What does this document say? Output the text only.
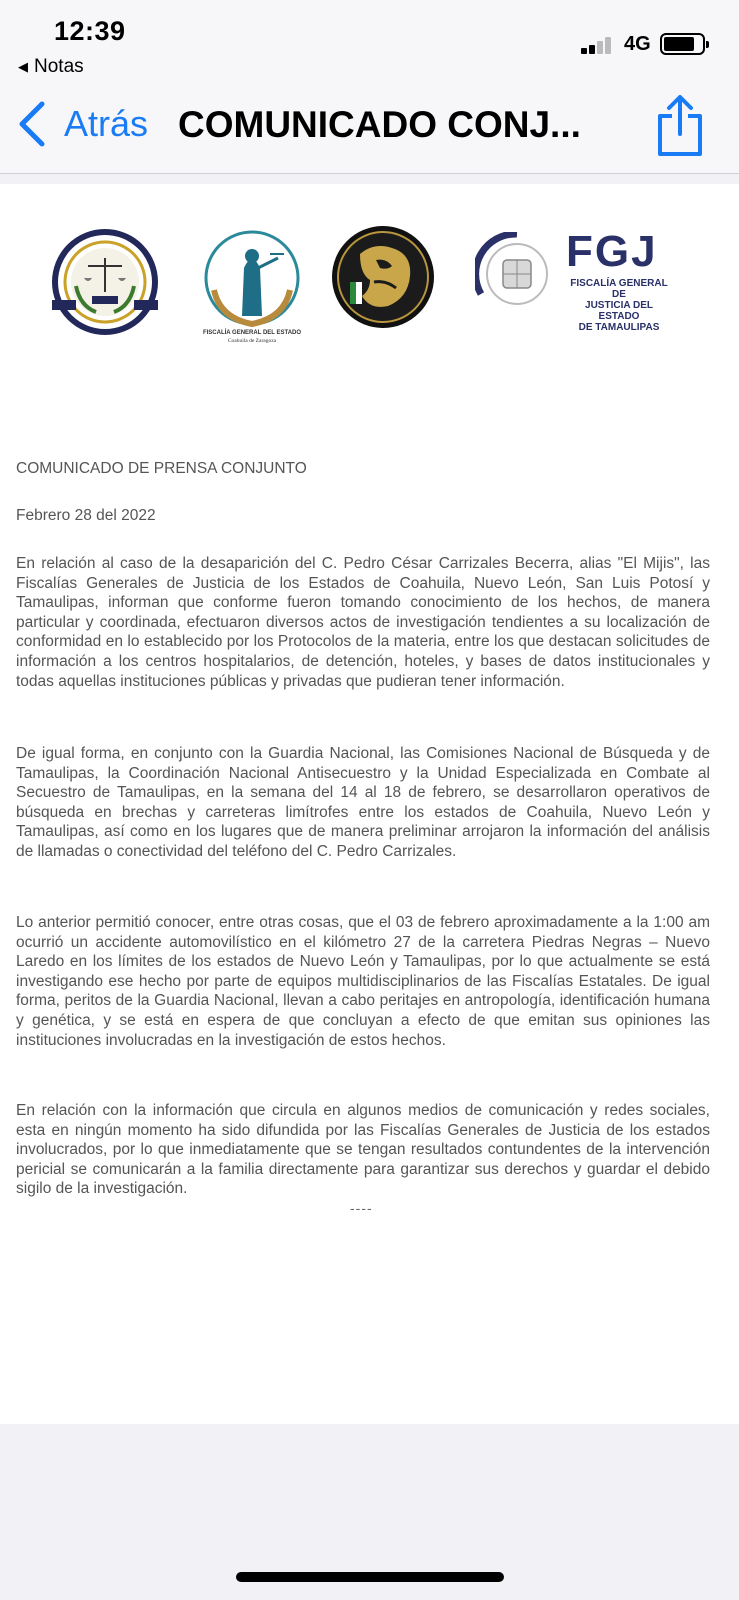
12:39
◀ Notas
4G
Atrás COMUNICADO CONJ...
FISCALÍA GENERAL DEL ESTADO
Coahuila de Zaragoza
FGJ
FISCALÍA GENERAL DE
JUSTICIA DEL ESTADO
DE TAMAULIPAS
COMUNICADO DE PRENSA CONJUNTO
Febrero 28 del 2022
En relación al caso de la desaparición del C. Pedro César Carrizales Becerra, alias "El Mijis", las Fiscalías Generales de Justicia de los Estados de Coahuila, Nuevo León, San Luis Potosí y Tamaulipas, informan que conforme fueron tomando conocimiento de los hechos, de manera particular y coordinada, efectuaron diversos actos de investigación tendientes a su localización de conformidad en lo establecido por los Protocolos de la materia, entre los que destacan solicitudes de información a los centros hospitalarios, de detención, hoteles, y bases de datos institucionales y todas aquellas instituciones públicas y privadas que pudieran tener información.
De igual forma, en conjunto con la Guardia Nacional, las Comisiones Nacional de Búsqueda y de Tamaulipas, la Coordinación Nacional Antisecuestro y la Unidad Especializada en Combate al Secuestro de Tamaulipas, en la semana del 14 al 18 de febrero, se desarrollaron operativos de búsqueda en brechas y carreteras limítrofes entre los estados de Coahuila, Nuevo León y Tamaulipas, así como en los lugares que de manera preliminar arrojaron la información del análisis de llamadas o conectividad del teléfono del C. Pedro Carrizales.
Lo anterior permitió conocer, entre otras cosas, que el 03 de febrero aproximadamente a la 1:00 am ocurrió un accidente automovilístico en el kilómetro 27 de la carretera Piedras Negras – Nuevo Laredo en los límites de los estados de Nuevo León y Tamaulipas, por lo que actualmente se está investigando ese hecho por parte de equipos multidisciplinarios de las Fiscalías Estatales. De igual forma, peritos de la Guardia Nacional, llevan a cabo peritajes en antropología, identificación humana y genética, y se está en espera de que concluyan a efecto de que emitan sus opiniones las instituciones involucradas en la investigación de estos hechos.
En relación con la información que circula en algunos medios de comunicación y redes sociales, esta en ningún momento ha sido difundida por las Fiscalías Generales de Justicia de los estados involucrados, por lo que inmediatamente que se tengan resultados contundentes de la intervención pericial se comunicarán a la familia directamente para garantizar sus derechos y guardar el debido sigilo de la investigación.
----
